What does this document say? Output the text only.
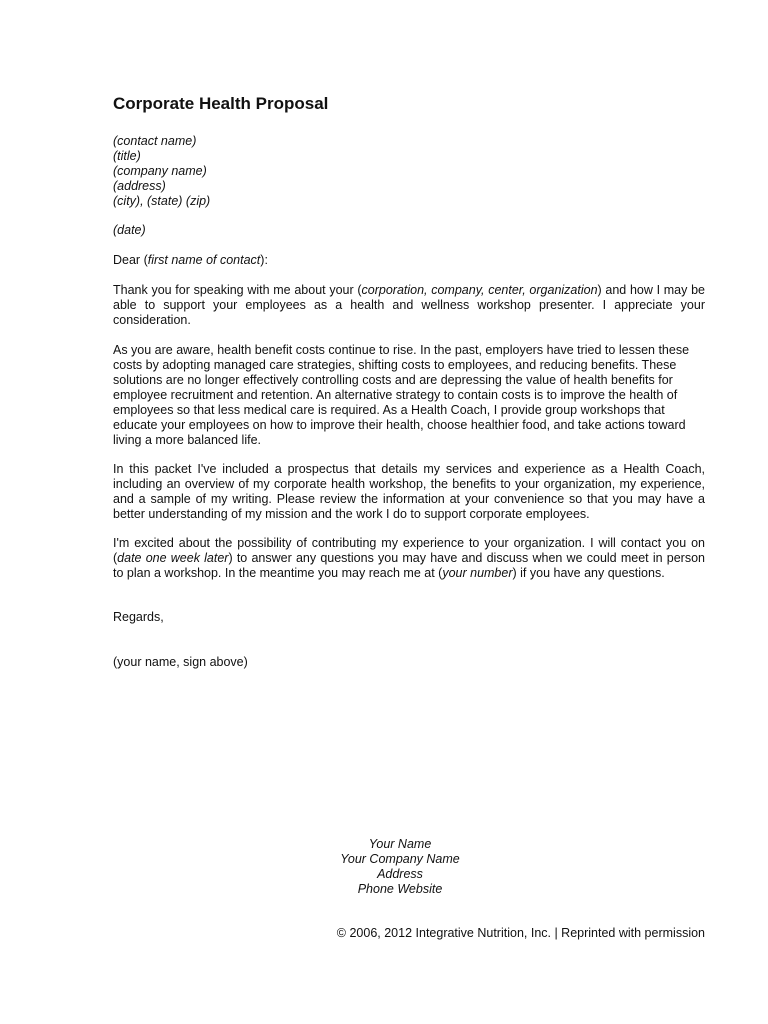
Corporate Health Proposal
(contact name)
(title)
(company name)
(address)
(city), (state) (zip)
(date)
Dear (first name of contact):
Thank you for speaking with me about your (corporation, company, center, organization) and how I may be able to support your employees as a health and wellness workshop presenter. I appreciate your consideration.
As you are aware, health benefit costs continue to rise. In the past, employers have tried to lessen these
costs by adopting managed care strategies, shifting costs to employees, and reducing benefits. These
solutions are no longer effectively controlling costs and are depressing the value of health benefits for
employee recruitment and retention. An alternative strategy to contain costs is to improve the health of
employees so that less medical care is required. As a Health Coach, I provide group workshops that
educate your employees on how to improve their health, choose healthier food, and take actions toward
living a more balanced life.
In this packet I've included a prospectus that details my services and experience as a Health Coach, including an overview of my corporate health workshop, the benefits to your organization, my experience, and a sample of my writing. Please review the information at your convenience so that you may have a better understanding of my mission and the work I do to support corporate employees.
I'm excited about the possibility of contributing my experience to your organization. I will contact you on (date one week later) to answer any questions you may have and discuss when we could meet in person to plan a workshop. In the meantime you may reach me at (your number) if you have any questions.
Regards,
(your name, sign above)
Your Name
Your Company Name
Address
Phone Website
© 2006, 2012 Integrative Nutrition, Inc. | Reprinted with permission
